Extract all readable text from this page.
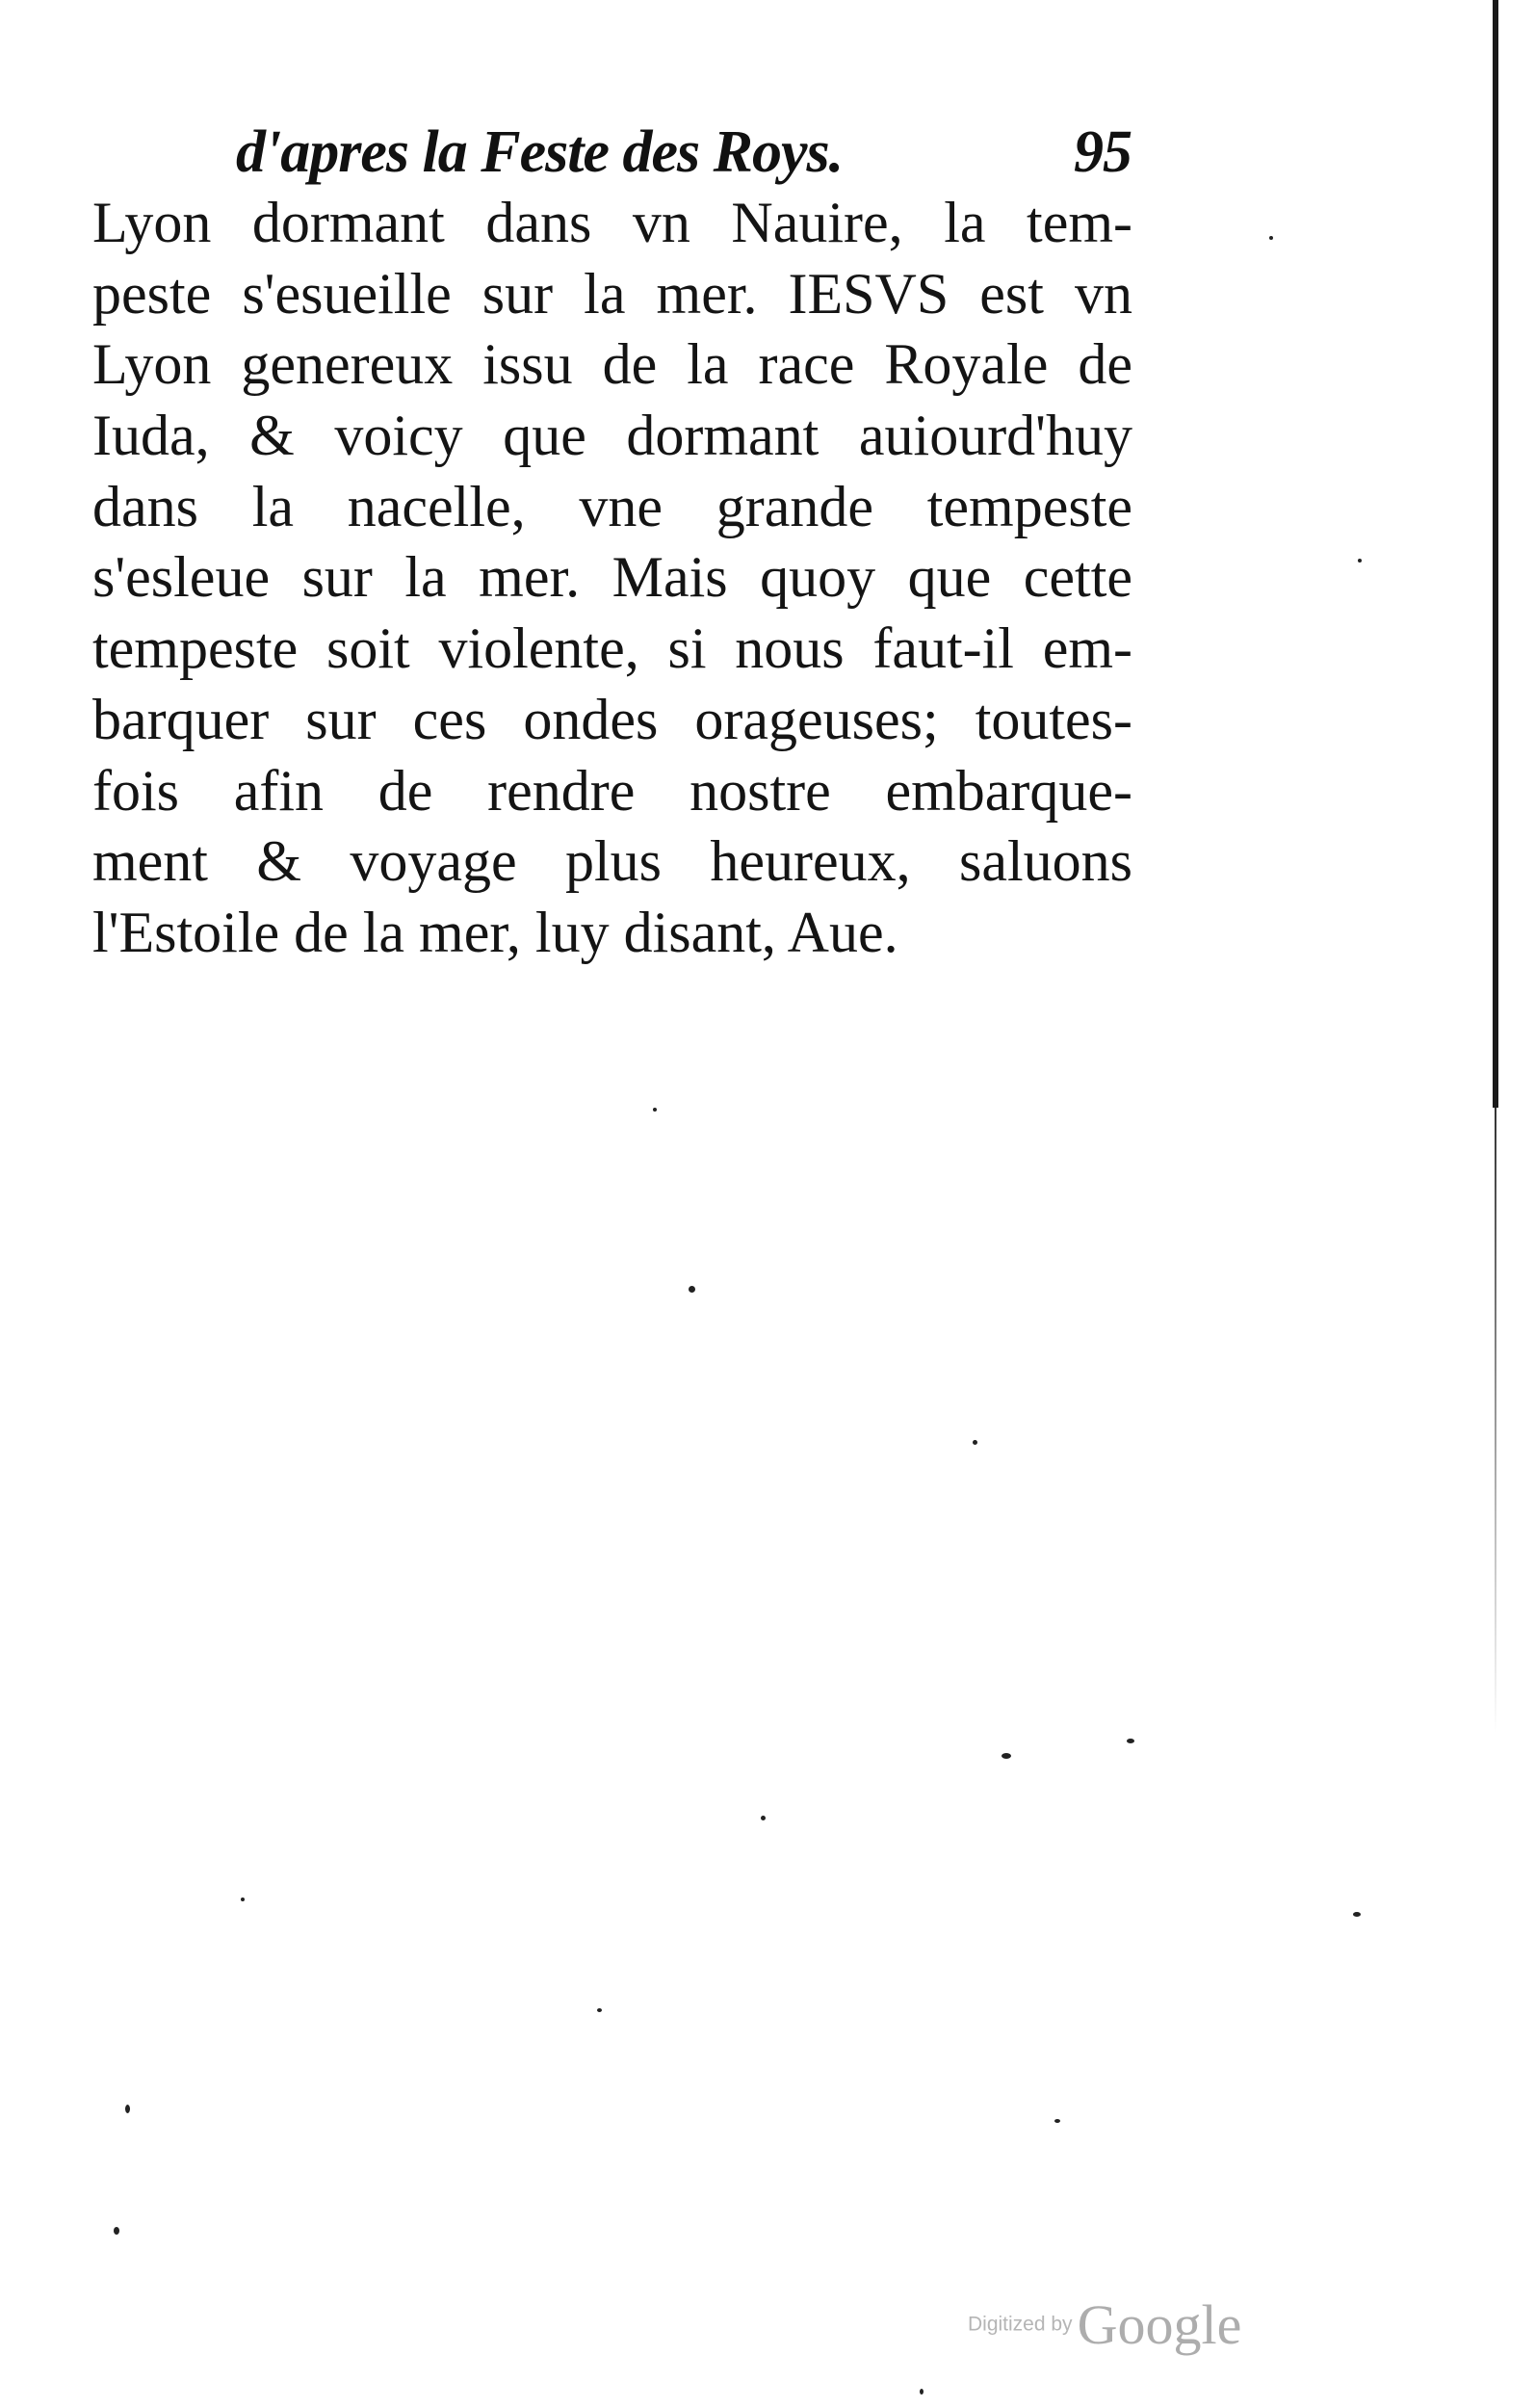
d'apres la Feste des Roys.	95
Lyon dormant dans vn Nauire, la tem-
peste s'esueille sur la mer. IESVS est vn
Lyon genereux issu de la race Royale de
Iuda, & voicy que dormant auiourd'huy
dans la nacelle, vne grande tempeste
s'esleue sur la mer. Mais quoy que cette
tempeste soit violente, si nous faut-il em-
barquer sur ces ondes orageuses; toutes-
fois afin de rendre nostre embarque-
ment & voyage plus heureux, saluons
l'Estoile de la mer, luy disant, Aue.
Digitized by Google
